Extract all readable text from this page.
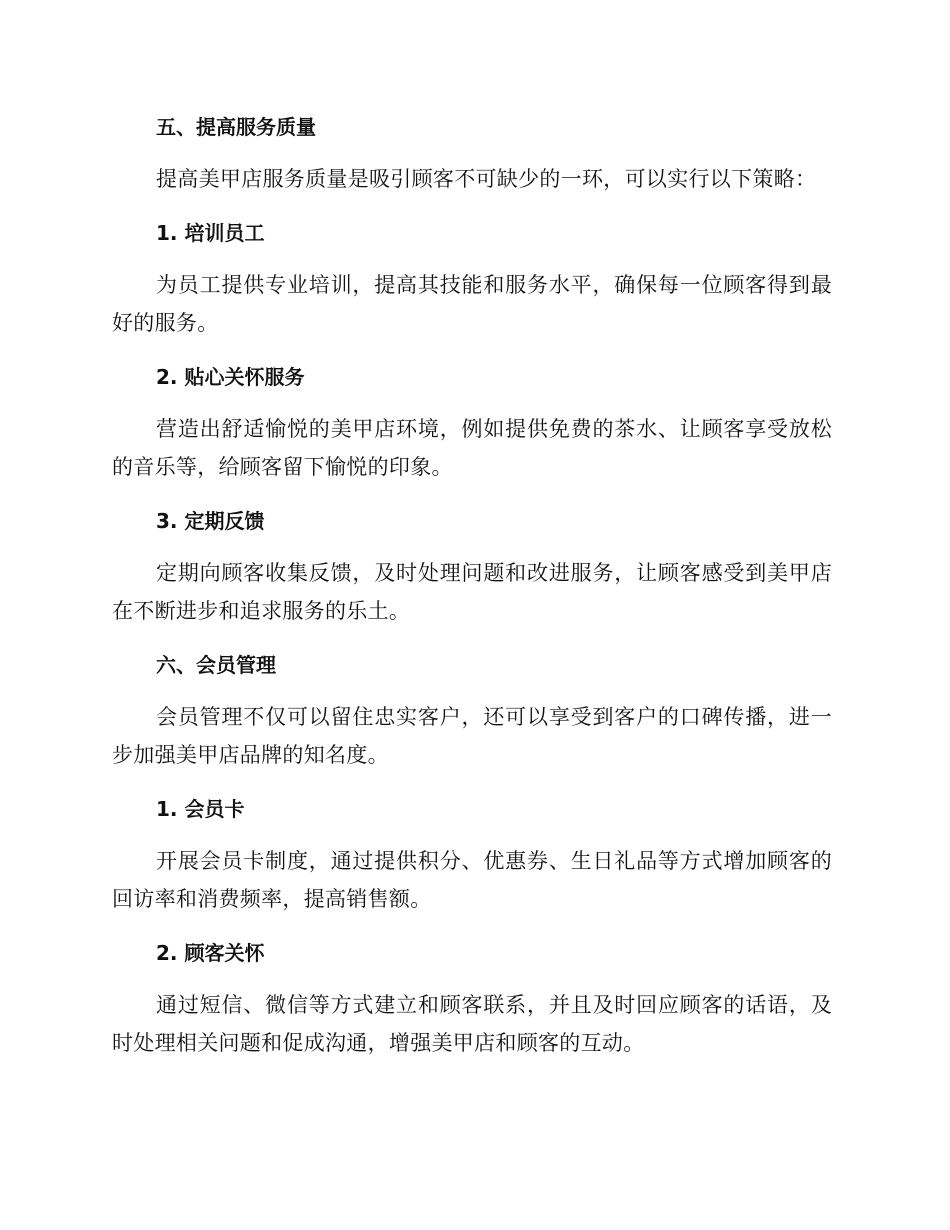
五、提高服务质量

提高美甲店服务质量是吸引顾客不可缺少的一环，可以实行以下策略：

1. 培训员工

为员工提供专业培训，提高其技能和服务水平，确保每一位顾客得到最好的服务。

2. 贴心关怀服务

营造出舒适愉悦的美甲店环境，例如提供免费的茶水、让顾客享受放松的音乐等，给顾客留下愉悦的印象。

3. 定期反馈

定期向顾客收集反馈，及时处理问题和改进服务，让顾客感受到美甲店在不断进步和追求服务的乐土。

六、会员管理

会员管理不仅可以留住忠实客户，还可以享受到客户的口碑传播，进一步加强美甲店品牌的知名度。

1. 会员卡

开展会员卡制度，通过提供积分、优惠券、生日礼品等方式增加顾客的回访率和消费频率，提高销售额。

2. 顾客关怀

通过短信、微信等方式建立和顾客联系，并且及时回应顾客的话语，及时处理相关问题和促成沟通，增强美甲店和顾客的互动。
